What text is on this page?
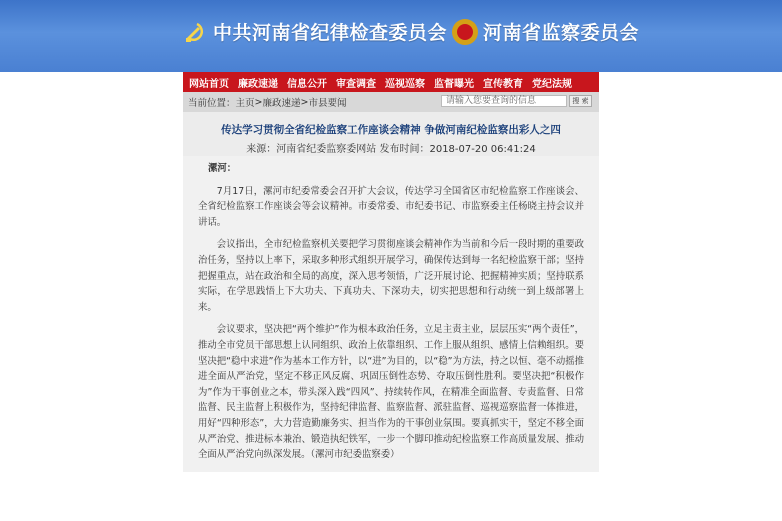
中共河南省纪律检查委员会 河南省监察委员会
网站首页 廉政速递 信息公开 审查调查 巡视巡察 监督曝光 宣传教育 党纪法规
当前位置： 主页 > 廉政速递 > 市县要闻	请输入您要查询的信息	搜 索
传达学习贯彻全省纪检监察工作座谈会精神 争做河南纪检监察出彩人之四
来源：河南省纪委监察委网站 发布时间：2018-07-20 06:41:24
漯河：

7月17日，漯河市纪委常委会召开扩大会议，传达学习全国省区市纪检监察工作座谈会、全省纪检监察工作座谈会等会议精神。市委常委、市纪委书记、市监察委主任杨晓主持会议并讲话。

会议指出，全市纪检监察机关要把学习贯彻座谈会精神作为当前和今后一段时期的重要政治任务，坚持以上率下，采取多种形式组织开展学习，确保传达到每一名纪检监察干部；坚持把握重点，站在政治和全局的高度，深入思考领悟，广泛开展讨论、把握精神实质；坚持联系实际，在学思践悟上下大功夫、下真功夫、下深功夫，切实把思想和行动统一到上级部署上来。

会议要求，坚决把“两个维护”作为根本政治任务，立足主责主业，层层压实“两个责任”，推动全市党员干部思想上认同组织、政治上依靠组织、工作上服从组织、感情上信赖组织。要坚决把“稳中求进”作为基本工作方针，以“进”为目的，以“稳”为方法，持之以恒、毫不动摇推进全面从严治党，坚定不移正风反腐、巩固压倒性态势、夺取压倒性胜利。要坚决把“积极作为”作为干事创业之本，带头深入践“四风”、持续转作风，在精准全面监督、专责监督、日常监督、民主监督上积极作为，坚持纪律监督、监察监督、派驻监督、巡视巡察监督一体推进，用好“四种形态”，大力营造勤廉务实、担当作为的干事创业氛围。要真抓实干，坚定不移全面从严治党、推进标本兼治、锻造执纪铁军，一步一个脚印推动纪检监察工作高质量发展、推动全面从严治党向纵深发展。（漯河市纪委监察委）
